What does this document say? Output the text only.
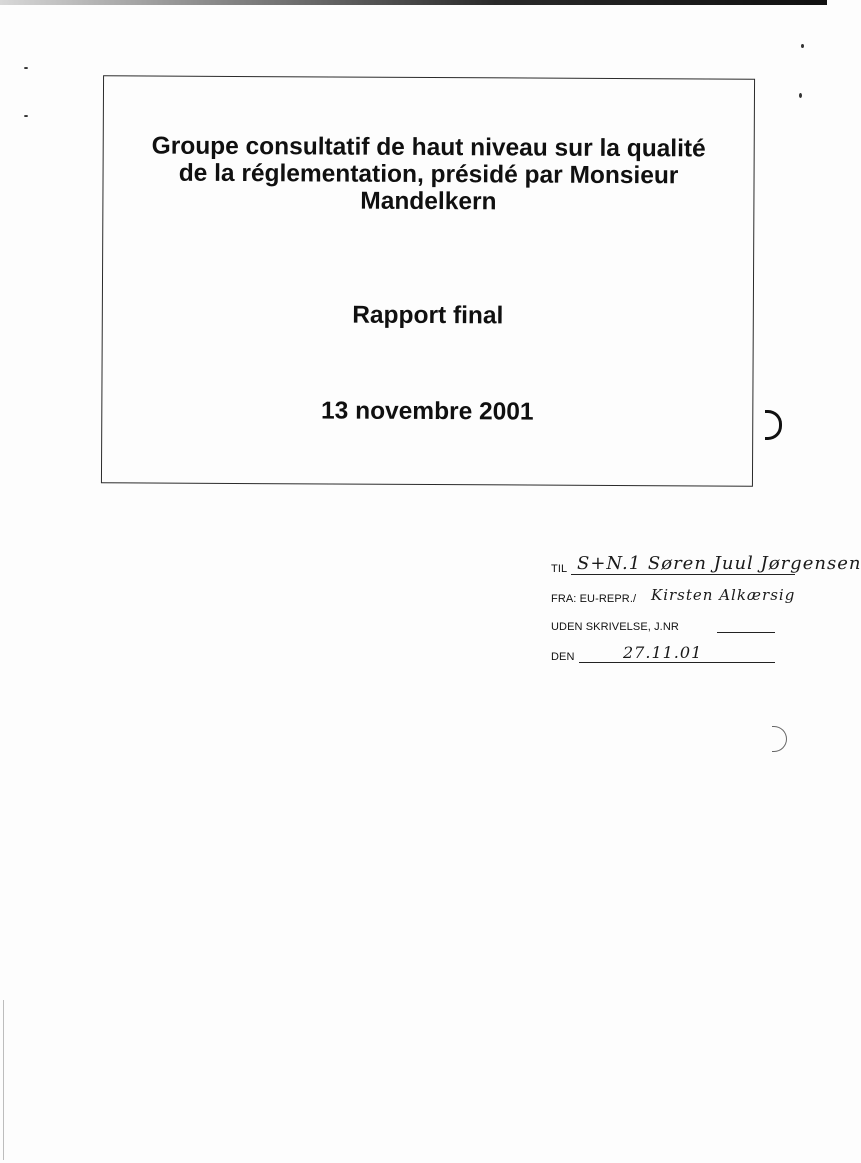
Groupe consultatif de haut niveau sur la qualité
de la réglementation, présidé par Monsieur
Mandelkern
Rapport final
13 novembre 2001
TIL S+N.1 Søren Juul Jørgensen
FRA: EU-REPR./ Kirsten Alkærsig
UDEN SKRIVELSE, J.NR
DEN	27.11.01
